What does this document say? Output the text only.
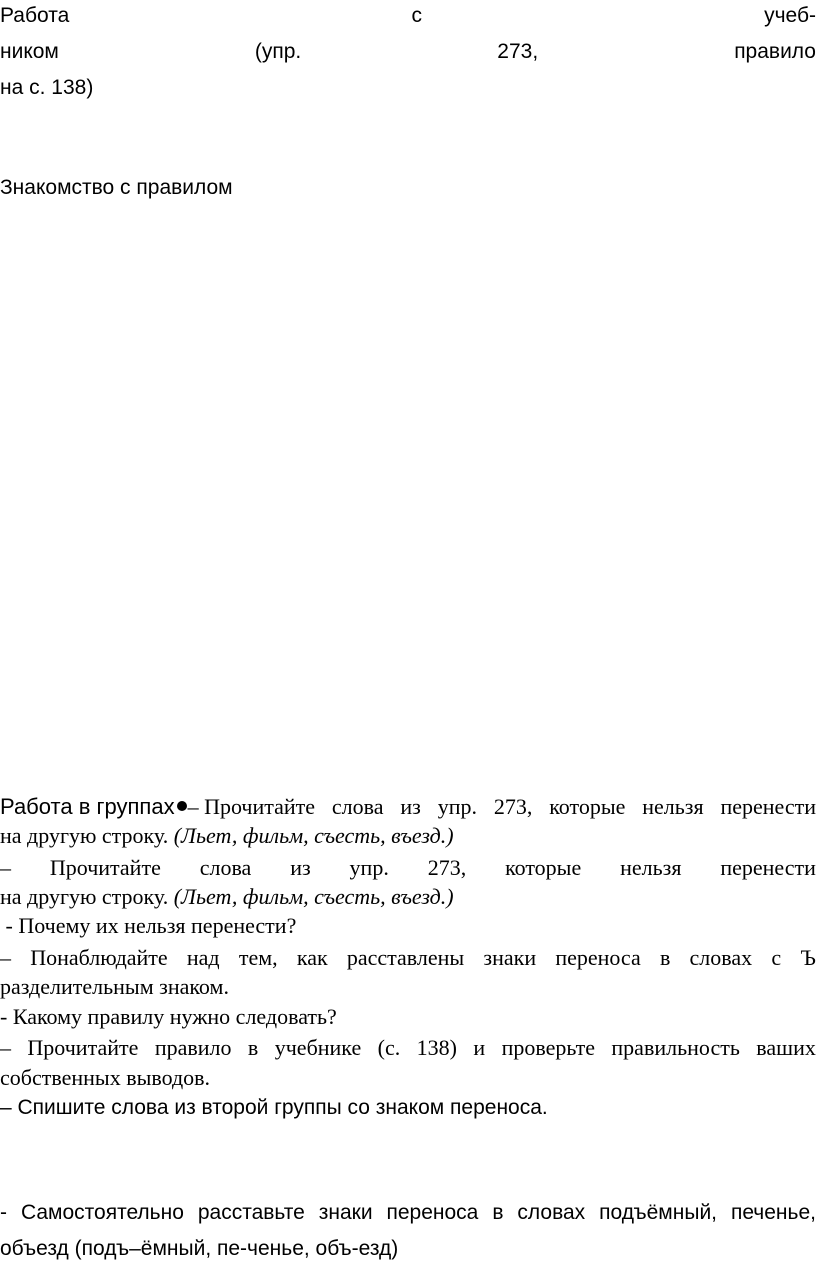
Работа	с	учеб-
ником	(упр.	273,	правило
на с. 138)
Знакомство с правилом
Работа в группах – Прочитайте слова из упр. 273, которые нельзя перенести
на другую строку. (Льет, фильм, съесть, въезд.)
– Прочитайте слова из упр. 273, которые нельзя перенести
на другую строку. (Льет, фильм, съесть, въезд.)
- Почему их нельзя перенести?
– Понаблюдайте над тем, как расставлены знаки переноса в словах с Ъ
разделительным знаком.
- Какому правилу нужно следовать?
– Прочитайте правило в учебнике (с. 138) и проверьте правильность ваших
собственных выводов.
– Спишите слова из второй группы со знаком переноса.
- Самостоятельно расставьте знаки переноса в словах подъёмный, печенье,
объезд (подъ–ёмный, пе-ченье, объ-езд)
